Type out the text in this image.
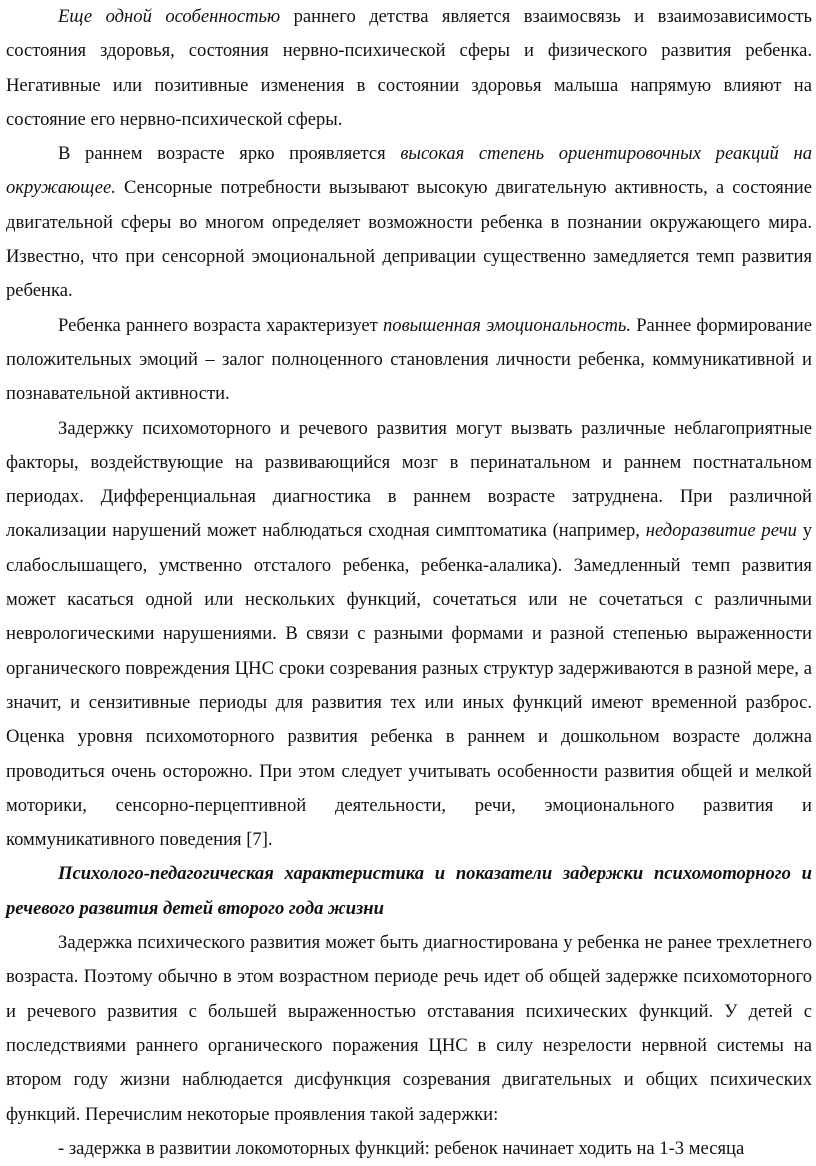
Еще одной особенностью раннего детства является взаимосвязь и взаимозависимость состояния здоровья, состояния нервно-психической сферы и физического развития ребенка. Негативные или позитивные изменения в состоянии здоровья малыша напрямую влияют на состояние его нервно-психической сферы.

В раннем возрасте ярко проявляется высокая степень ориентировочных реакций на окружающее. Сенсорные потребности вызывают высокую двигательную активность, а состояние двигательной сферы во многом определяет возможности ребенка в познании окружающего мира. Известно, что при сенсорной эмоциональной депривации существенно замедляется темп развития ребенка.

Ребенка раннего возраста характеризует повышенная эмоциональность. Раннее формирование положительных эмоций – залог полноценного становления личности ребенка, коммуникативной и познавательной активности.

Задержку психомоторного и речевого развития могут вызвать различные неблагоприятные факторы, воздействующие на развивающийся мозг в перинатальном и раннем постнатальном периодах. Дифференциальная диагностика в раннем возрасте затруднена. При различной локализации нарушений может наблюдаться сходная симптоматика (например, недоразвитие речи у слабослышащего, умственно отсталого ребенка, ребенка-алалика). Замедленный темп развития может касаться одной или нескольких функций, сочетаться или не сочетаться с различными неврологическими нарушениями. В связи с разными формами и разной степенью выраженности органического повреждения ЦНС сроки созревания разных структур задерживаются в разной мере, а значит, и сензитивные периоды для развития тех или иных функций имеют временной разброс. Оценка уровня психомоторного развития ребенка в раннем и дошкольном возрасте должна проводиться очень осторожно. При этом следует учитывать особенности развития общей и мелкой моторики, сенсорно-перцептивной деятельности, речи, эмоционального развития и коммуникативного поведения [7].

Психолого-педагогическая характеристика и показатели задержки психомоторного и речевого развития детей второго года жизни

Задержка психического развития может быть диагностирована у ребенка не ранее трехлетнего возраста. Поэтому обычно в этом возрастном периоде речь идет об общей задержке психомоторного и речевого развития с большей выраженностью отставания психических функций. У детей с последствиями раннего органического поражения ЦНС в силу незрелости нервной системы на втором году жизни наблюдается дисфункция созревания двигательных и общих психических функций. Перечислим некоторые проявления такой задержки:

- задержка в развитии локомоторных функций: ребенок начинает ходить на 1-3 месяца
